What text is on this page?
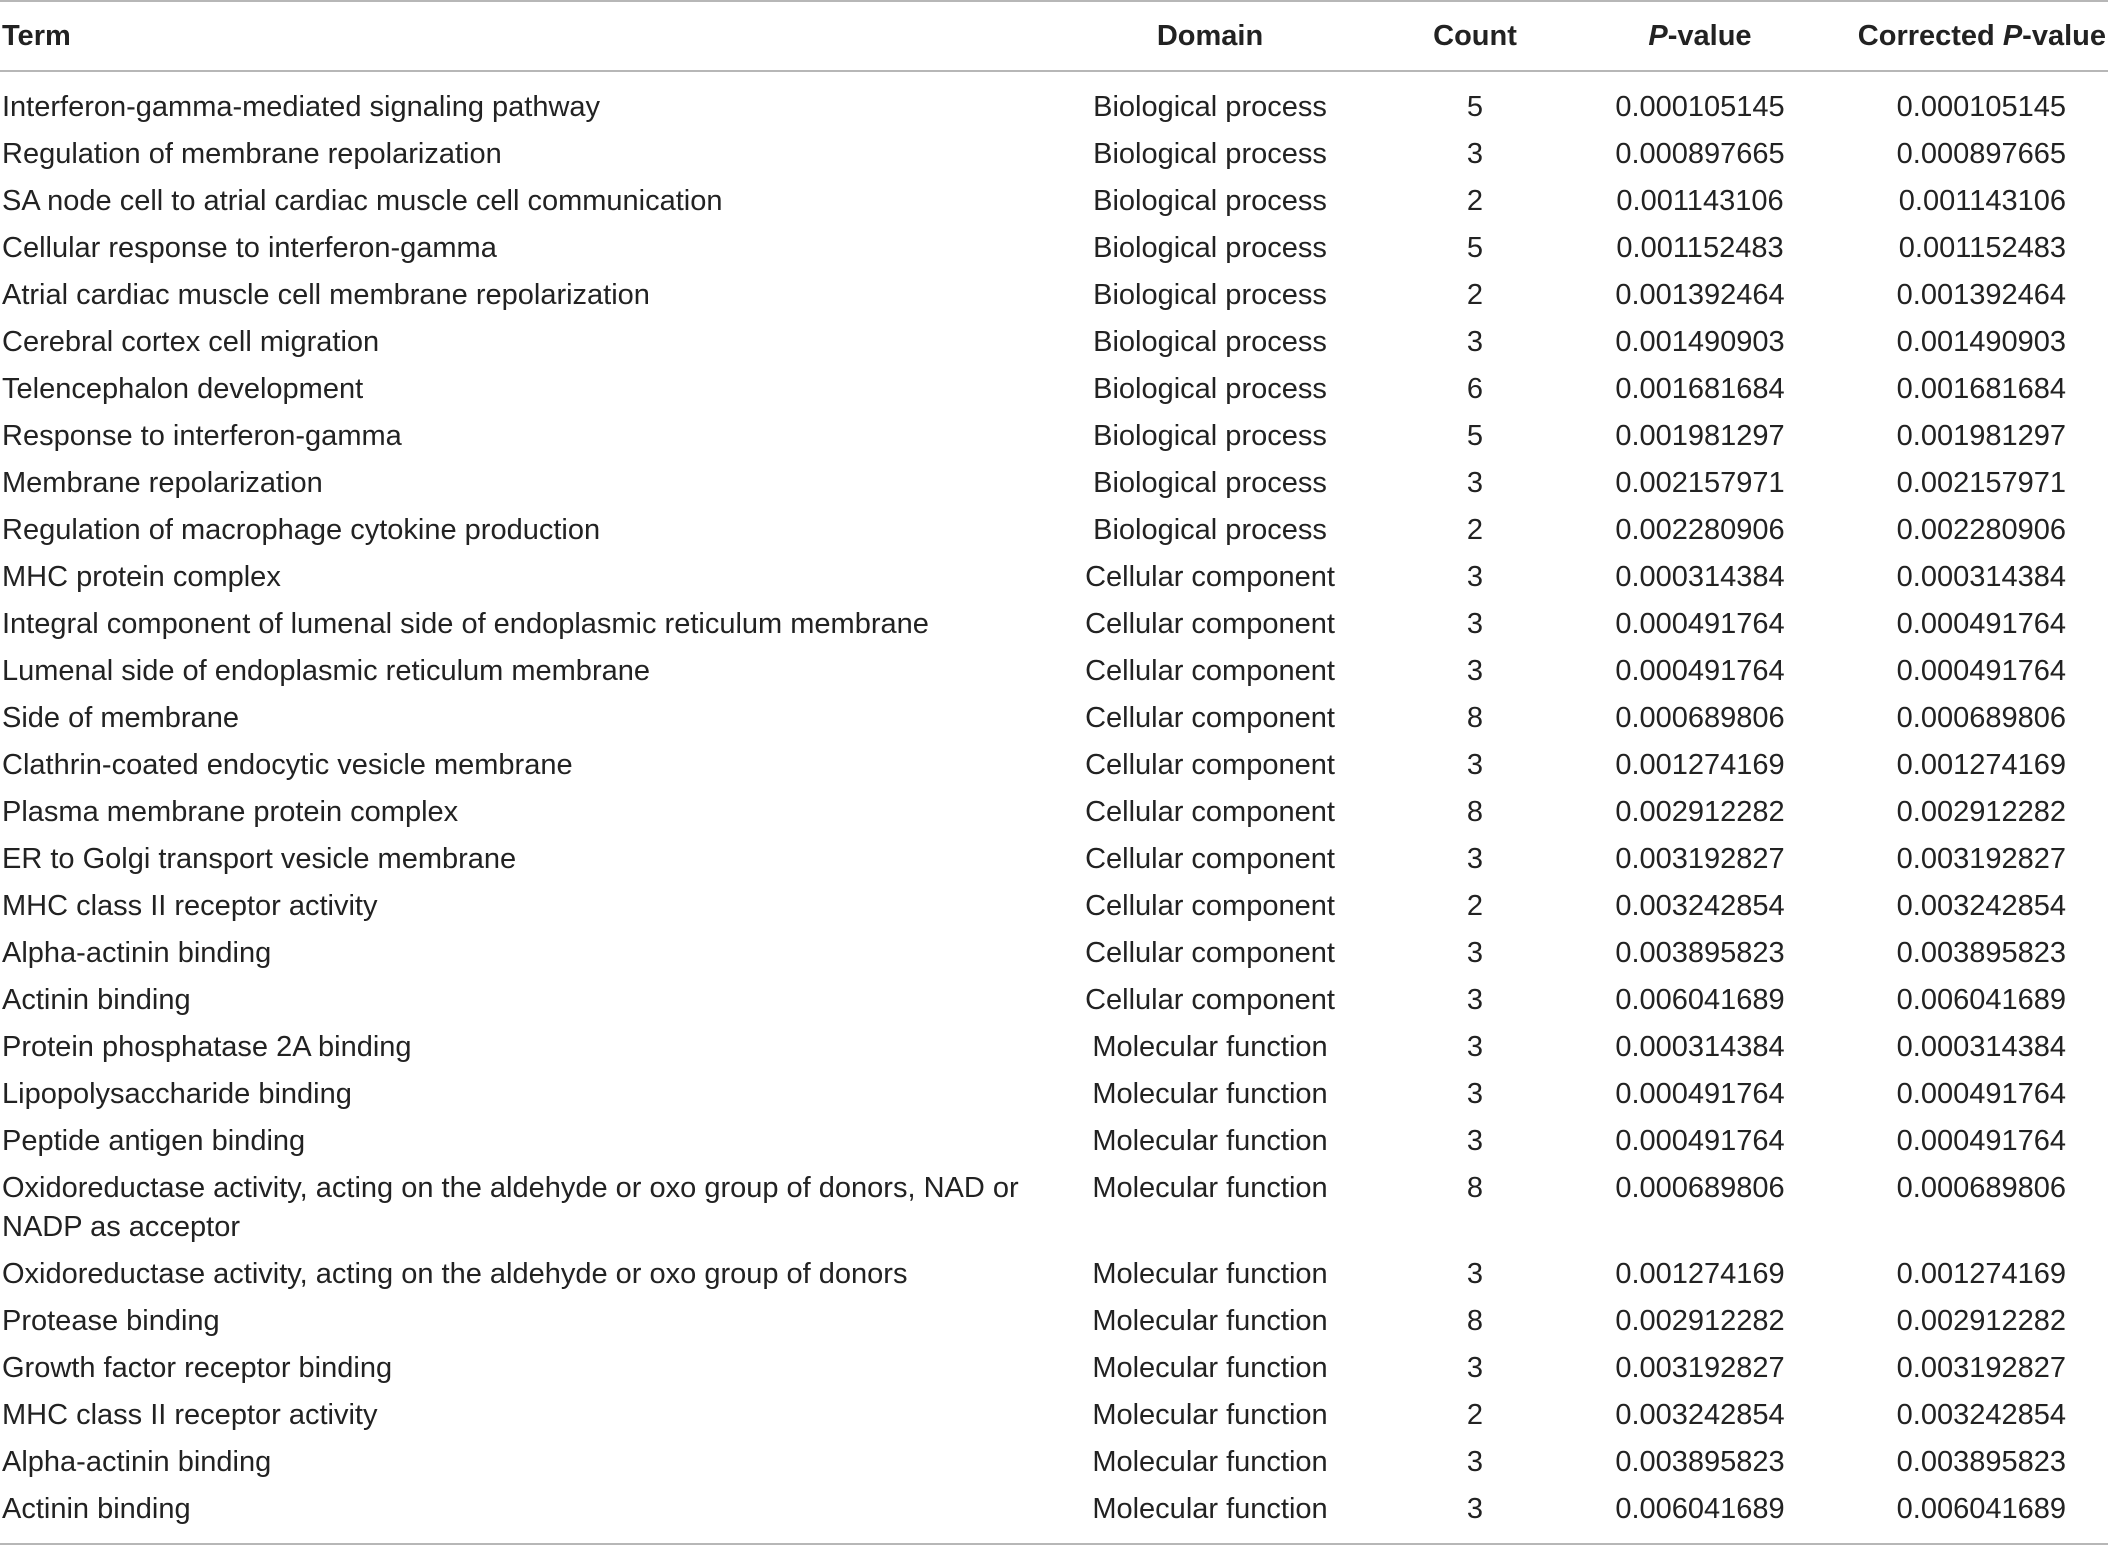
Term	Domain	Count	P-value	Corrected P-value
Interferon-gamma-mediated signaling pathway	Biological process	5	0.000105145	0.000105145
Regulation of membrane repolarization	Biological process	3	0.000897665	0.000897665
SA node cell to atrial cardiac muscle cell communication	Biological process	2	0.001143106	0.001143106
Cellular response to interferon-gamma	Biological process	5	0.001152483	0.001152483
Atrial cardiac muscle cell membrane repolarization	Biological process	2	0.001392464	0.001392464
Cerebral cortex cell migration	Biological process	3	0.001490903	0.001490903
Telencephalon development	Biological process	6	0.001681684	0.001681684
Response to interferon-gamma	Biological process	5	0.001981297	0.001981297
Membrane repolarization	Biological process	3	0.002157971	0.002157971
Regulation of macrophage cytokine production	Biological process	2	0.002280906	0.002280906
MHC protein complex	Cellular component	3	0.000314384	0.000314384
Integral component of lumenal side of endoplasmic reticulum membrane	Cellular component	3	0.000491764	0.000491764
Lumenal side of endoplasmic reticulum membrane	Cellular component	3	0.000491764	0.000491764
Side of membrane	Cellular component	8	0.000689806	0.000689806
Clathrin-coated endocytic vesicle membrane	Cellular component	3	0.001274169	0.001274169
Plasma membrane protein complex	Cellular component	8	0.002912282	0.002912282
ER to Golgi transport vesicle membrane	Cellular component	3	0.003192827	0.003192827
MHC class II receptor activity	Cellular component	2	0.003242854	0.003242854
Alpha-actinin binding	Cellular component	3	0.003895823	0.003895823
Actinin binding	Cellular component	3	0.006041689	0.006041689
Protein phosphatase 2A binding	Molecular function	3	0.000314384	0.000314384
Lipopolysaccharide binding	Molecular function	3	0.000491764	0.000491764
Peptide antigen binding	Molecular function	3	0.000491764	0.000491764
Oxidoreductase activity, acting on the aldehyde or oxo group of donors, NAD or NADP as acceptor	Molecular function	8	0.000689806	0.000689806
Oxidoreductase activity, acting on the aldehyde or oxo group of donors	Molecular function	3	0.001274169	0.001274169
Protease binding	Molecular function	8	0.002912282	0.002912282
Growth factor receptor binding	Molecular function	3	0.003192827	0.003192827
MHC class II receptor activity	Molecular function	2	0.003242854	0.003242854
Alpha-actinin binding	Molecular function	3	0.003895823	0.003895823
Actinin binding	Molecular function	3	0.006041689	0.006041689
